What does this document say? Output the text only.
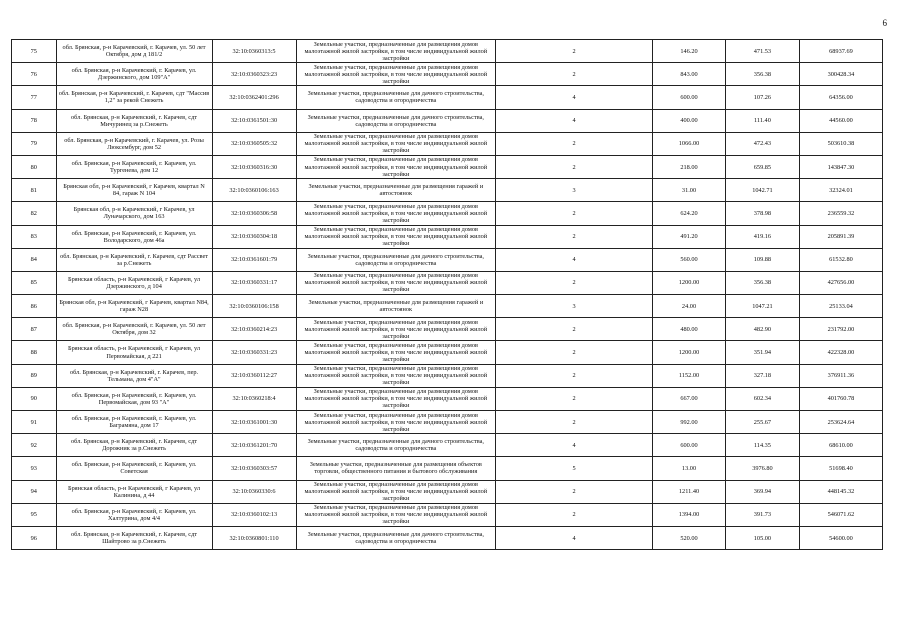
6
75	обл. Брянская, р-н Карачевский, г. Карачев, ул. 50 лет Октября, дом д 181/2	32:10:0360313:5	Земельные участки, предназначенные для размещения домов малоэтажной жилой застройки, в том числе индивидуальной жилой застройки	2	146.20	471.53	68937.69
76	обл. Брянская, р-н Карачевский, г. Карачев, ул. Дзержинского, дом 109"А"	32:10:0360323:23	Земельные участки, предназначенные для размещения домов малоэтажной жилой застройки, в том числе индивидуальной жилой застройки	2	843.00	356.38	300428.34
77	обл. Брянская, р-н Карачевский, г. Карачев, сдт "Массив 1,2" за рекой Снежеть	32:10:0362401:296	Земельные участки, предназначенные для дачного строительства, садоводства и огородничества	4	600.00	107.26	64356.00
78	обл. Брянская, р-н Карачевский, г. Карачев, сдт Мичуринец за р.Снежеть	32:10:0361501:30	Земельные участки, предназначенные для дачного строительства, садоводства и огородничества	4	400.00	111.40	44560.00
79	обл. Брянская, р-н Карачевский, г. Карачев, ул. Розы Люксембург, дом 52	32:10:0360505:32	Земельные участки, предназначенные для размещения домов малоэтажной жилой застройки, в том числе индивидуальной жилой застройки	2	1066.00	472.43	503610.38
80	обл. Брянская, р-н Карачевский, г. Карачев, ул. Тургенева, дом 12	32:10:0360316:30	Земельные участки, предназначенные для размещения домов малоэтажной жилой застройки, в том числе индивидуальной жилой застройки	2	218.00	659.85	143847.30
81	Брянская обл, р-н Карачевский, г Карачев, квартал N 84, гараж N 104	32:10:0360106:163	Земельные участки, предназначенные для размещения гаражей и автостоянок	3	31.00	1042.71	32324.01
82	Брянская обл, р-н Карачевский, г Карачев, ул Луначарского, дом 163	32:10:0360306:58	Земельные участки, предназначенные для размещения домов малоэтажной жилой застройки, в том числе индивидуальной жилой застройки	2	624.20	378.98	236559.32
83	обл. Брянская, р-н Карачевский, г. Карачев, ул. Володарского, дом 46а	32:10:0360304:18	Земельные участки, предназначенные для размещения домов малоэтажной жилой застройки, в том числе индивидуальной жилой застройки	2	491.20	419.16	205891.39
84	обл. Брянская, р-н Карачевский, г. Карачев, сдт Рассвет за р.Снежеть	32:10:0361601:79	Земельные участки, предназначенные для дачного строительства, садоводства и огородничества	4	560.00	109.88	61532.80
85	Брянская область, р-н Карачевский, г Карачев, ул Дзержинского, д 104	32:10:0360331:17	Земельные участки, предназначенные для размещения домов малоэтажной жилой застройки, в том числе индивидуальной жилой застройки	2	1200.00	356.38	427656.00
86	Брянская обл, р-н Карачевский, г Карачев, квартал N84, гараж N28	32:10:0360106:158	Земельные участки, предназначенные для размещения гаражей и автостоянок	3	24.00	1047.21	25133.04
87	обл. Брянская, р-н Карачевский, г. Карачев, ул. 50 лет Октября, дом 32	32:10:0360214:23	Земельные участки, предназначенные для размещения домов малоэтажной жилой застройки, в том числе индивидуальной жилой застройки	2	480.00	482.90	231792.00
88	Брянская область, р-н Карачевский, г Карачев, ул Первомайская, д 221	32:10:0360331:23	Земельные участки, предназначенные для размещения домов малоэтажной жилой застройки, в том числе индивидуальной жилой застройки	2	1200.00	351.94	422328.00
89	обл. Брянская, р-н Карачевский, г. Карачев, пер. Тельмана, дом 4"А"	32:10:0360112:27	Земельные участки, предназначенные для размещения домов малоэтажной жилой застройки, в том числе индивидуальной жилой застройки	2	1152.00	327.18	376911.36
90	обл. Брянская, р-н Карачевский, г. Карачев, ул. Первомайская, дом 93 "А"	32:10:0360218:4	Земельные участки, предназначенные для размещения домов малоэтажной жилой застройки, в том числе индивидуальной жилой застройки	2	667.00	602.34	401760.78
91	обл. Брянская, р-н Карачевский, г. Карачев, ул. Баграмяна, дом 17	32:10:0361001:30	Земельные участки, предназначенные для размещения домов малоэтажной жилой застройки, в том числе индивидуальной жилой застройки	2	992.00	255.67	253624.64
92	обл. Брянская, р-н Карачевский, г. Карачев, сдт Дорожник за р.Снежеть	32:10:0361201:70	Земельные участки, предназначенные для дачного строительства, садоводства и огородничества	4	600.00	114.35	68610.00
93	обл. Брянская, р-н Карачевский, г. Карачев, ул. Советская	32:10:0360303:57	Земельные участки, предназначенные для размещения объектов торговли, общественного питания и бытового обслуживания	5	13.00	3976.80	51698.40
94	Брянская область, р-н Карачевский, г Карачев, ул Калинина, д 44	32:10:0360330:6	Земельные участки, предназначенные для размещения домов малоэтажной жилой застройки, в том числе индивидуальной жилой застройки	2	1211.40	369.94	448145.32
95	обл. Брянская, р-н Карачевский, г. Карачев, ул. Халтурина, дом 4/4	32:10:0360102:13	Земельные участки, предназначенные для размещения домов малоэтажной жилой застройки, в том числе индивидуальной жилой застройки	2	1394.00	391.73	546071.62
96	обл. Брянская, р-н Карачевский, г. Карачев, сдт Шайтрово за р.Снежеть	32:10:0360801:110	Земельные участки, предназначенные для дачного строительства, садоводства и огородничества	4	520.00	105.00	54600.00
